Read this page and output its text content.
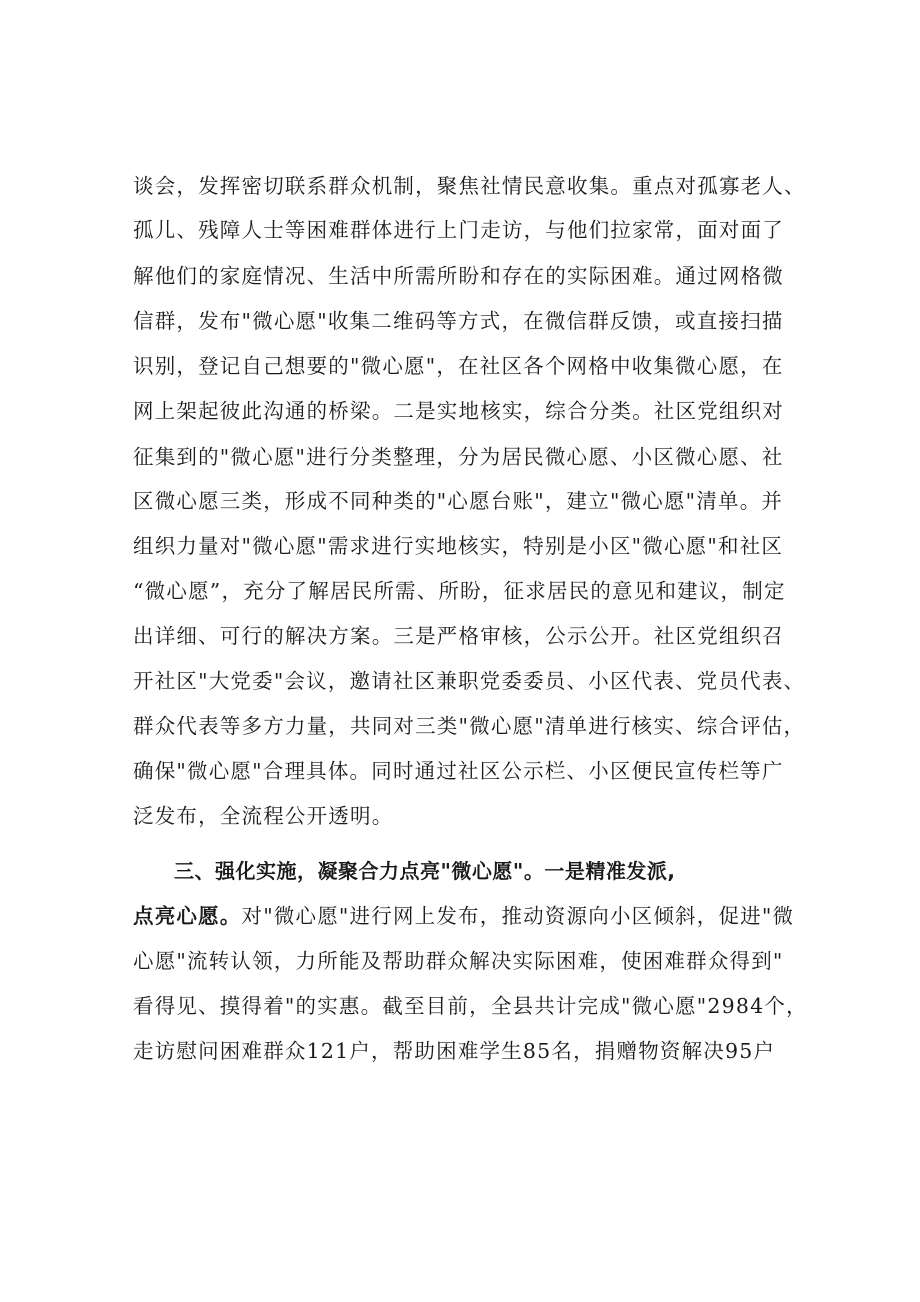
谈会，发挥密切联系群众机制，聚焦社情民意收集。重点对孤寡老人、
孤儿、残障人士等困难群体进行上门走访，与他们拉家常，面对面了
解他们的家庭情况、生活中所需所盼和存在的实际困难。通过网格微
信群，发布"微心愿"收集二维码等方式，在微信群反馈，或直接扫描
识别，登记自己想要的"微心愿"，在社区各个网格中收集微心愿，在
网上架起彼此沟通的桥梁。二是实地核实，综合分类。社区党组织对
征集到的"微心愿"进行分类整理，分为居民微心愿、小区微心愿、社
区微心愿三类，形成不同种类的"心愿台账"，建立"微心愿"清单。并
组织力量对"微心愿"需求进行实地核实，特别是小区"微心愿"和社区
“微心愿”，充分了解居民所需、所盼，征求居民的意见和建议，制定
出详细、可行的解决方案。三是严格审核，公示公开。社区党组织召
开社区"大党委"会议，邀请社区兼职党委委员、小区代表、党员代表、
群众代表等多方力量，共同对三类"微心愿"清单进行核实、综合评估，
确保"微心愿"合理具体。同时通过社区公示栏、小区便民宣传栏等广
泛发布，全流程公开透明。
三、强化实施，凝聚合力点亮"微心愿"。一是精准发派,
点亮心愿。对"微心愿"进行网上发布，推动资源向小区倾斜，促进"微
心愿"流转认领，力所能及帮助群众解决实际困难，使困难群众得到"
看得见、摸得着"的实惠。截至目前，全县共计完成"微心愿"2984个，
走访慰问困难群众121户，帮助困难学生85名，捐赠物资解决95户
